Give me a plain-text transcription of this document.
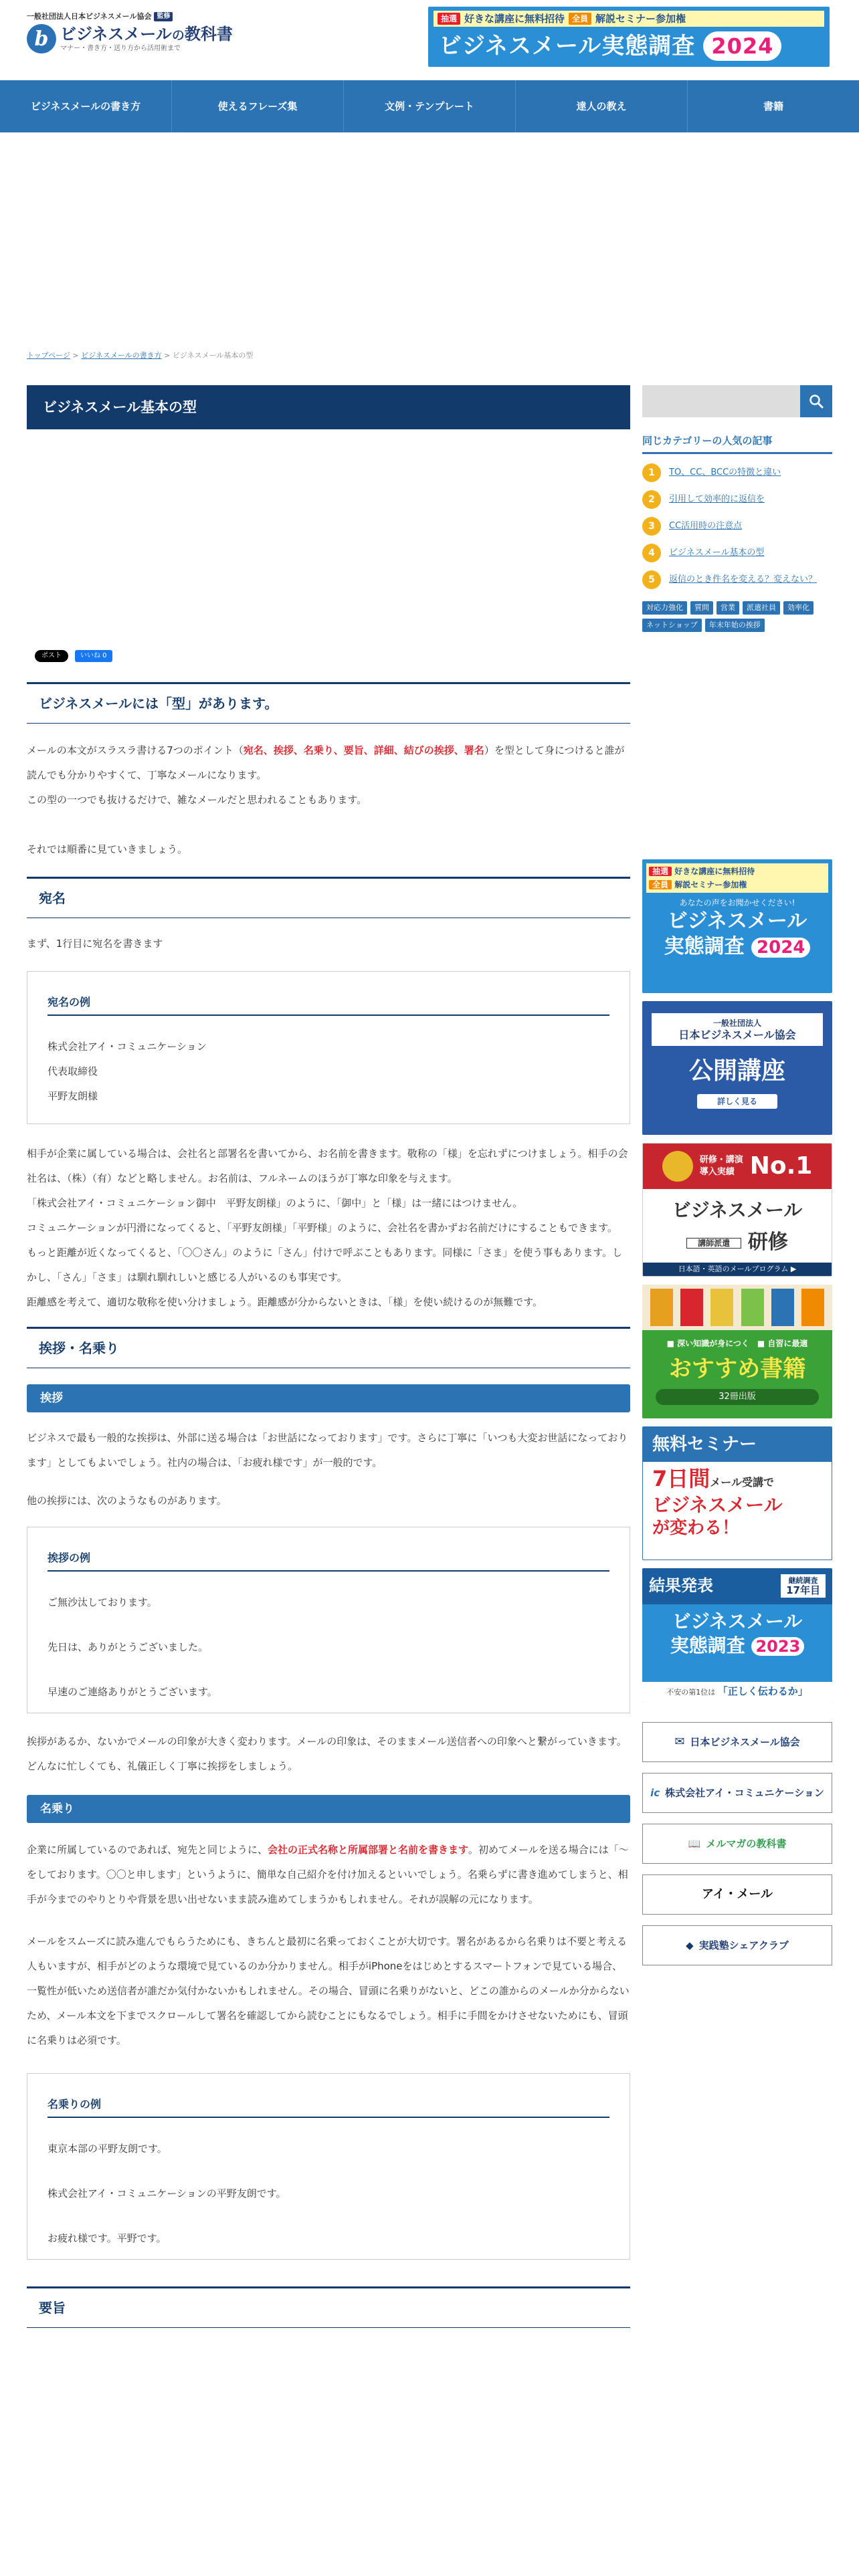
一般社団法人日本ビジネスメール協会 監修
b ビジネスメールの教科書
マナー・書き方・送り方から活用術まで
抽選 好きな講座に無料招待 全員 解説セミナー参加権
ビジネスメール実態調査 2024
ビジネスメールの書き方	使えるフレーズ集	文例・テンプレート	達人の教え	書籍
トップページ > ビジネスメールの書き方 > ビジネスメール基本の型
ビジネスメール基本の型
ポスト	いいね 0
ビジネスメールには「型」があります。

メールの本文がスラスラ書ける7つのポイント（宛名、挨拶、名乗り、要旨、詳細、結びの挨拶、署名）を型として身につけると誰が読んでも分かりやすくて、丁寧なメールになります。

この型の一つでも抜けるだけで、雑なメールだと思われることもあります。

それでは順番に見ていきましょう。

宛名

まず、1行目に宛名を書きます

宛名の例
株式会社アイ・コミュニケーション
代表取締役
平野友朗様

相手が企業に属している場合は、会社名と部署名を書いてから、お名前を書きます。敬称の「様」を忘れずにつけましょう。相手の会社名は、（株）（有）などと略しません。お名前は、フルネームのほうが丁寧な印象を与えます。

「株式会社アイ・コミュニケーション御中　平野友朗様」のように、「御中」と「様」は一緒にはつけません。

コミュニケーションが円滑になってくると、「平野友朗様」「平野様」のように、会社名を書かずお名前だけにすることもできます。

もっと距離が近くなってくると、「〇〇さん」のように「さん」付けで呼ぶこともあります。同様に「さま」を使う事もあります。しかし、「さん」「さま」は馴れ馴れしいと感じる人がいるのも事実です。

距離感を考えて、適切な敬称を使い分けましょう。距離感が分からないときは、「様」を使い続けるのが無難です。

挨拶・名乗り
挨拶

ビジネスで最も一般的な挨拶は、外部に送る場合は「お世話になっております」です。さらに丁寧に「いつも大変お世話になっております」としてもよいでしょう。社内の場合は、「お疲れ様です」が一般的です。

他の挨拶には、次のようなものがあります。

挨拶の例
ご無沙汰しております。
先日は、ありがとうございました。
早速のご連絡ありがとうございます。

挨拶があるか、ないかでメールの印象が大きく変わります。メールの印象は、そのままメール送信者への印象へと繋がっていきます。どんなに忙しくても、礼儀正しく丁寧に挨拶をしましょう。

名乗り

企業に所属しているのであれば、宛先と同じように、会社の正式名称と所属部署と名前を書きます。初めてメールを送る場合には「～をしております。〇〇と申します」というように、簡単な自己紹介を付け加えるといいでしょう。名乗らずに書き進めてしまうと、相手が今までのやりとりや背景を思い出せないまま読み進めてしまうかもしれません。それが誤解の元になります。

メールをスムーズに読み進んでもらうためにも、きちんと最初に名乗っておくことが大切です。署名があるから名乗りは不要と考える人もいますが、相手がどのような環境で見ているのか分かりません。相手がiPhoneをはじめとするスマートフォンで見ている場合、一覧性が低いため送信者が誰だか気付かないかもしれません。その場合、冒頭に名乗りがないと、どこの誰からのメールか分からないため、メール本文を下までスクロールして署名を確認してから読むことにもなるでしょう。相手に手間をかけさせないためにも、冒頭に名乗りは必須です。

名乗りの例
東京本部の平野友朗です。
株式会社アイ・コミュニケーションの平野友朗です。
お疲れ様です。平野です。
要旨
同じカテゴリーの人気の記事
1	TO、CC、BCCの特徴と違い
2	引用して効率的に返信を
3	CC活用時の注意点
4	ビジネスメール基本の型
5	返信のとき件名を変える？変えない？
対応力強化	質問	営業	派遣社員	効率化
ネットショップ	年末年始の挨拶
抽選 好きな講座に無料招待
全員 解説セミナー参加権
あなたの声をお聞かせください!
ビジネスメール
実態調査 2024
一般社団法人
日本ビジネスメール協会
公開講座
詳しく見る
研修・講演
導入実績 No.1
ビジネスメール
講師派遣 研修
日本語・英語のメールプログラム ▶
■ 深い知識が身につく　■ 自習に最適
おすすめ書籍
32冊出版
無料セミナー
7日間メール受講で
ビジネスメール
が変わる！
結果発表	継続調査
17年目
ビジネスメール
実態調査 2023
不安の第1位は 「正しく伝わるか」
✉ 日本ビジネスメール協会
ic 株式会社アイ・コミュニケーション
📖 メルマガの教科書
アイ・メール
◆ 実践塾シェアクラブ
